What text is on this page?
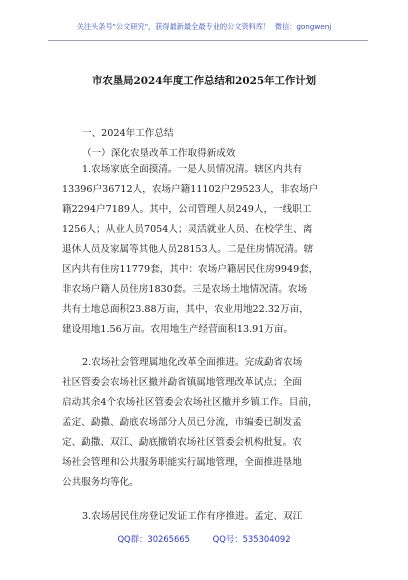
关注头条号"公文研究"，获得最新最全最专业的公文资料库！ 微信：gongwenj
市农垦局2024年度工作总结和2025年工作计划
一、2024年工作总结
（一）深化农垦改革工作取得新成效
1.农场家底全面摸清。一是人员情况清。辖区内共有
13396户36712人，农场户籍11102户29523人，非农场户
籍2294户7189人。其中，公司管理人员249人，一线职工
1256人；从业人员7054人；灵活就业人员、在校学生、离
退休人员及家属等其他人员28153人。二是住房情况清。辖
区内共有住房11779套，其中：农场户籍居民住房9949套，
非农场户籍人员住房1830套。三是农场土地情况清。农场
共有土地总面积23.88万亩，其中，农业用地22.32万亩，
建设用地1.56万亩。农用地生产经营面积13.91万亩。
2.农场社会管理属地化改革全面推进。完成勐省农场
社区管委会农场社区撤并勐省镇属地管理改革试点；全面
启动其余4个农场社区管委会农场社区撤并乡镇工作。目前，
孟定、勐撒、勐底农场部分人员已分流，市编委已制发孟
定、勐撒、双江、勐底撤销农场社区管委会机构批复。农
场社会管理和公共服务职能实行属地管理，全面推进垦地
公共服务均等化。
3.农场居民住房登记发证工作有序推进。孟定、双江
QQ群：30265665	QQ号：535304092
